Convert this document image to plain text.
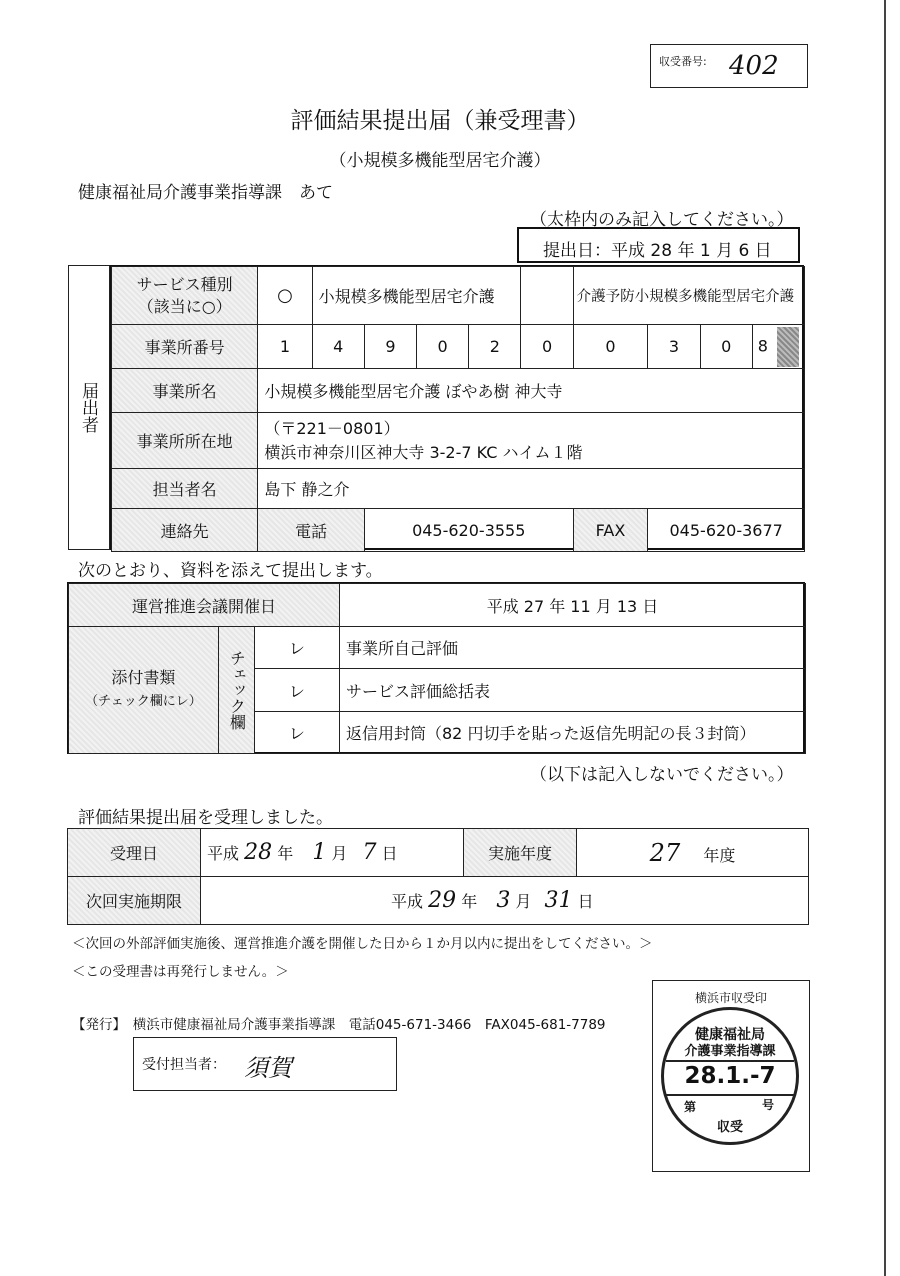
収受番号: 402
評価結果提出届（兼受理書）
（小規模多機能型居宅介護）
健康福祉局介護事業指導課　あて
（太枠内のみ記入してください。）
提出日：平成 28 年 1 月 6 日
届出者
サービス種別
（該当に○）	○	小規模多機能型居宅介護					介護予防小規模多機能型居宅介護			
事業所番号	1	4	9	0	2	0	0	3	0	8
事業所名	小規模多機能型居宅介護 ぼやあ樹 神大寺									
事業所所在地	（〒221－0801）
横浜市神奈川区神大寺 3-2-7 KC ハイム１階									

担当者名	島下 静之介									
連絡先	電話		045-620-3555				FAX	045-620-3677		
次のとおり、資料を添えて提出します。
運営推進会議開催日			平成 27 年 11 月 13 日

添付書類
（チェック欄にレ）	チェック欄	レ	事業所自己評価
		レ	サービス評価総括表
		レ	返信用封筒（82 円切手を貼った返信先明記の長３封筒）
（以下は記入しないでください。）
評価結果提出届を受理しました。
受理日	平成 28 年 1 月 7 日	実施年度	27 年度
次回実施期限	平成 29 年 3 月 31 日		
＜次回の外部評価実施後、運営推進介護を開催した日から１か月以内に提出をしてください。＞
＜この受理書は再発行しません。＞
【発行】　横浜市健康福祉局介護事業指導課　電話045-671-3466　FAX045-681-7789
受付担当者： 須賀
横浜市収受印
健康福祉局
介護事業指導課
28.1.-7
第	号
収受
